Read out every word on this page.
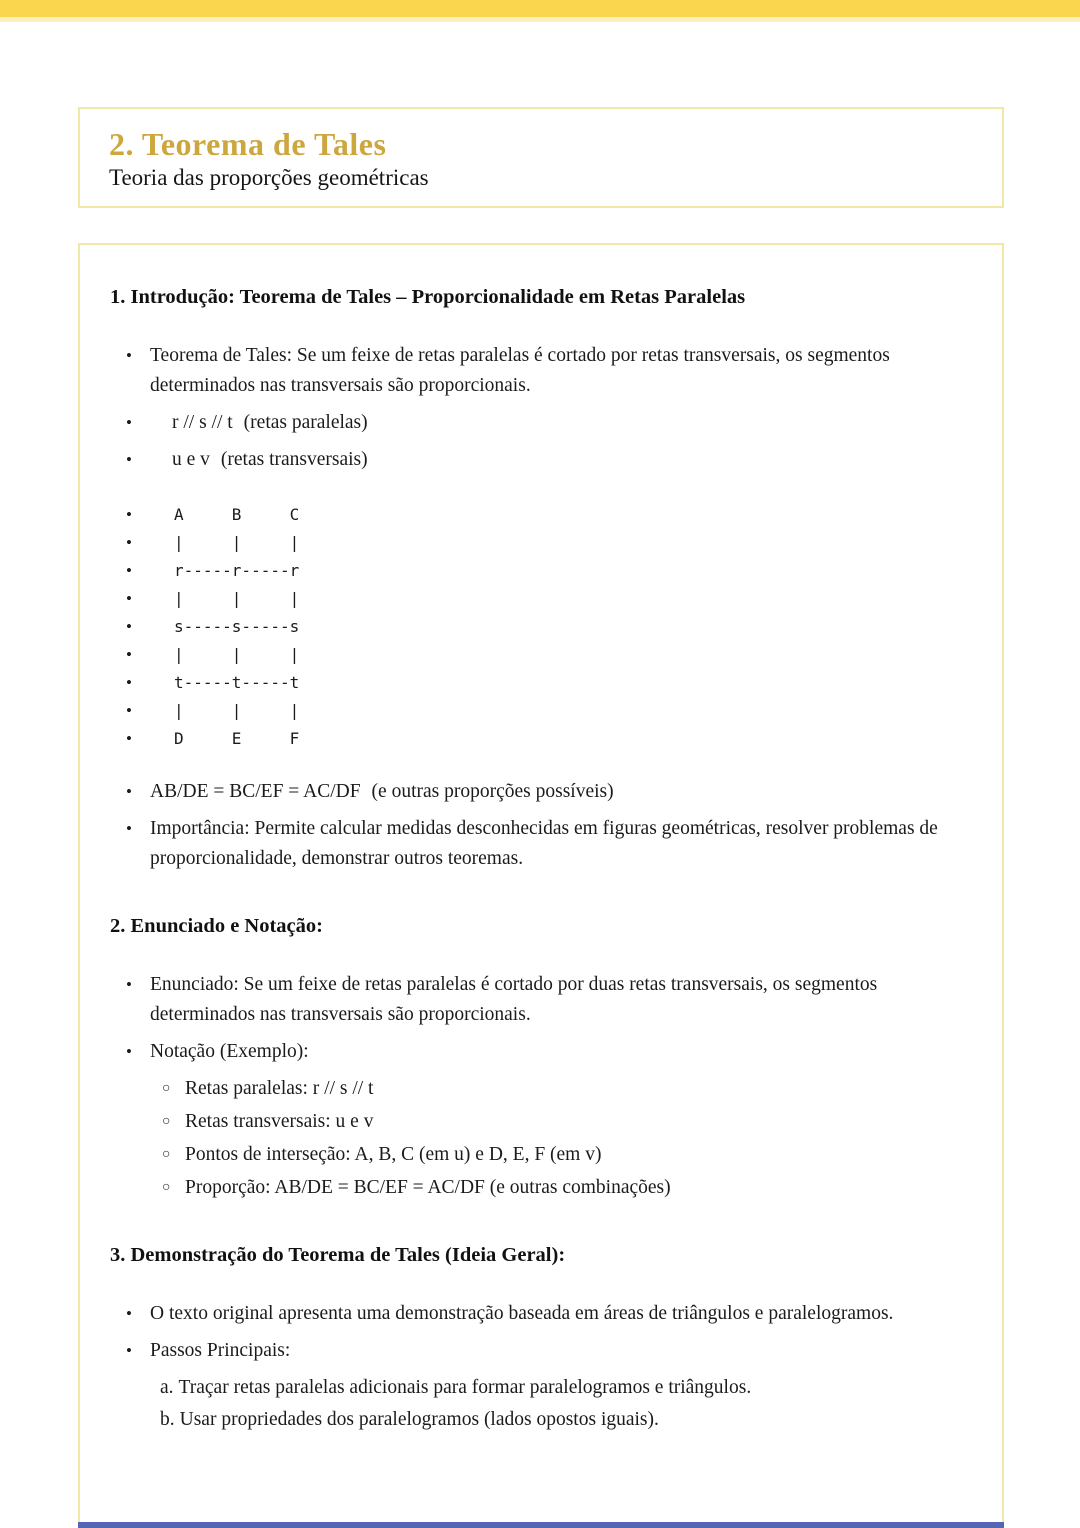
2. Teorema de Tales
Teoria das proporções geométricas
1. Introdução: Teorema de Tales – Proporcionalidade em Retas Paralelas
• Teorema de Tales: Se um feixe de retas paralelas é cortado por retas transversais, os segmentos determinados nas transversais são proporcionais.
•	r // s // t (retas paralelas)
•	u e v (retas transversais)
•	A     B     C
•	|     |     |
•	r-----r-----r
•	|     |     |
•	s-----s-----s
•	|     |     |
•	t-----t-----t
•	|     |     |
•	D     E     F
• AB/DE = BC/EF = AC/DF (e outras proporções possíveis)
• Importância: Permite calcular medidas desconhecidas em figuras geométricas, resolver problemas de proporcionalidade, demonstrar outros teoremas.
2. Enunciado e Notação:
• Enunciado: Se um feixe de retas paralelas é cortado por duas retas transversais, os segmentos determinados nas transversais são proporcionais.
• Notação (Exemplo):
○ Retas paralelas: r // s // t
○ Retas transversais: u e v
○ Pontos de interseção: A, B, C (em u) e D, E, F (em v)
○ Proporção: AB/DE = BC/EF = AC/DF (e outras combinações)
3. Demonstração do Teorema de Tales (Ideia Geral):
• O texto original apresenta uma demonstração baseada em áreas de triângulos e paralelogramos.
• Passos Principais:
a. Traçar retas paralelas adicionais para formar paralelogramos e triângulos.
b. Usar propriedades dos paralelogramos (lados opostos iguais).
